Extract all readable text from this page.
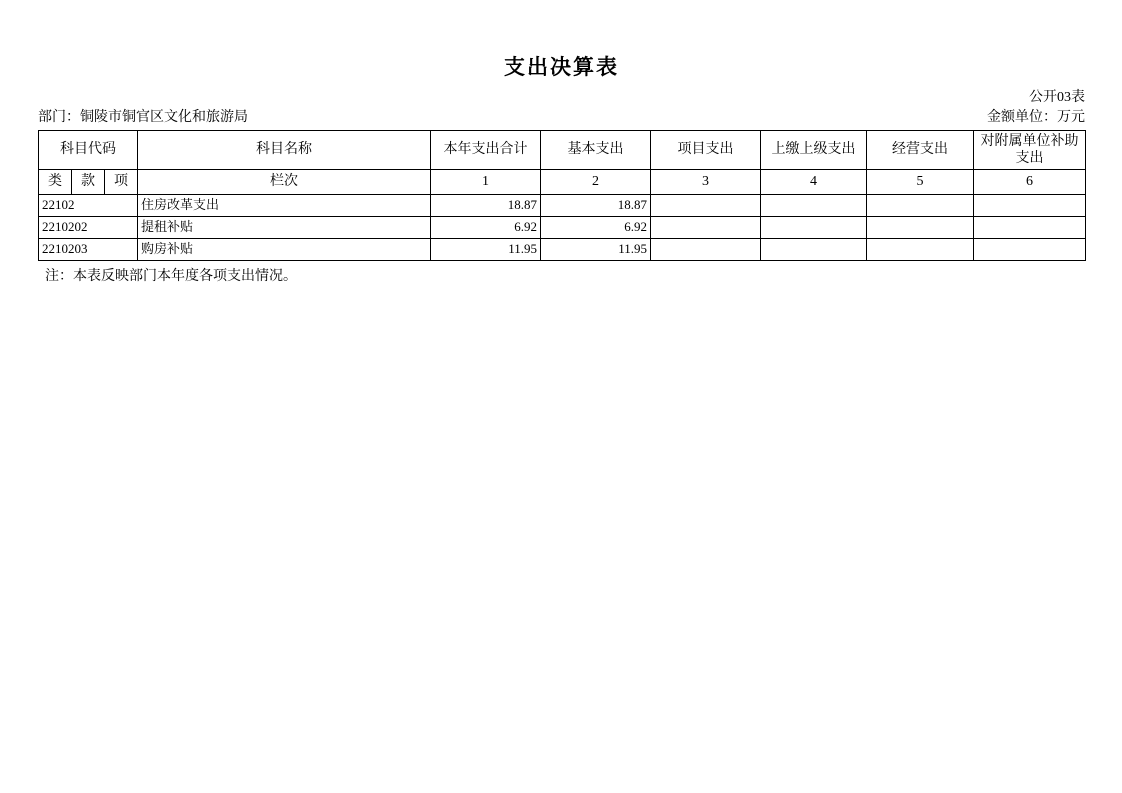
支出决算表
公开03表
部门：铜陵市铜官区文化和旅游局	金额单位：万元
科目代码			科目名称	本年支出合计	基本支出	项目支出	上缴上级支出	经营支出	对附属单位补助支出
类	款	项	栏次	1	2	3	4	5	6
22102			住房改革支出	18.87	18.87				
2210202			提租补贴	6.92	6.92				
2210203			购房补贴	11.95	11.95				
注：本表反映部门本年度各项支出情况。
